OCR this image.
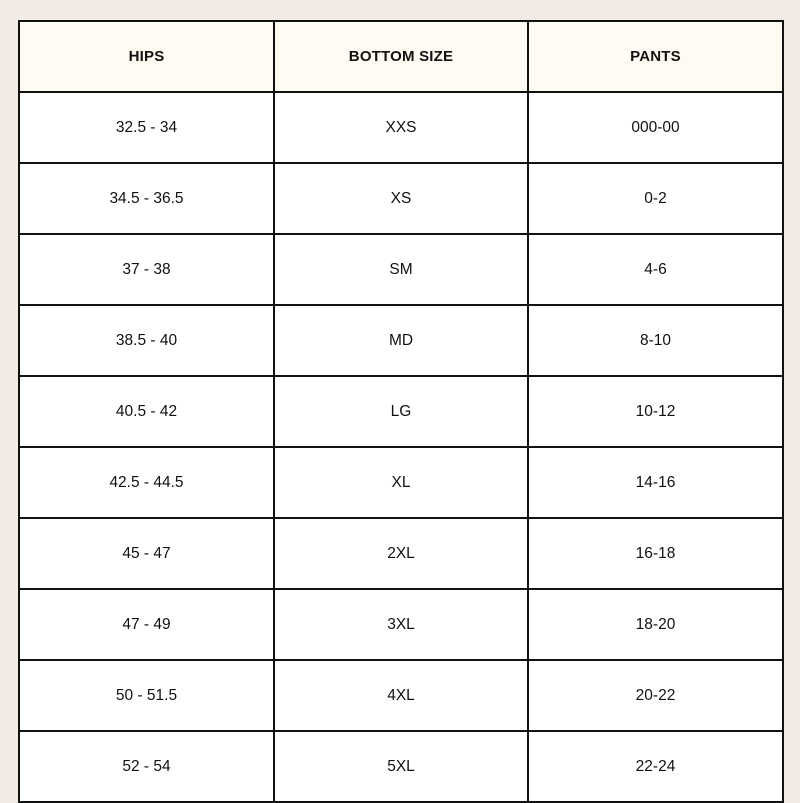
HIPS	BOTTOM SIZE	PANTS
32.5 - 34	XXS	000-00
34.5 - 36.5	XS	0-2
37 - 38	SM	4-6
38.5 - 40	MD	8-10
40.5 - 42	LG	10-12
42.5 - 44.5	XL	14-16
45 - 47	2XL	16-18
47 - 49	3XL	18-20
50 - 51.5	4XL	20-22
52 - 54	5XL	22-24
